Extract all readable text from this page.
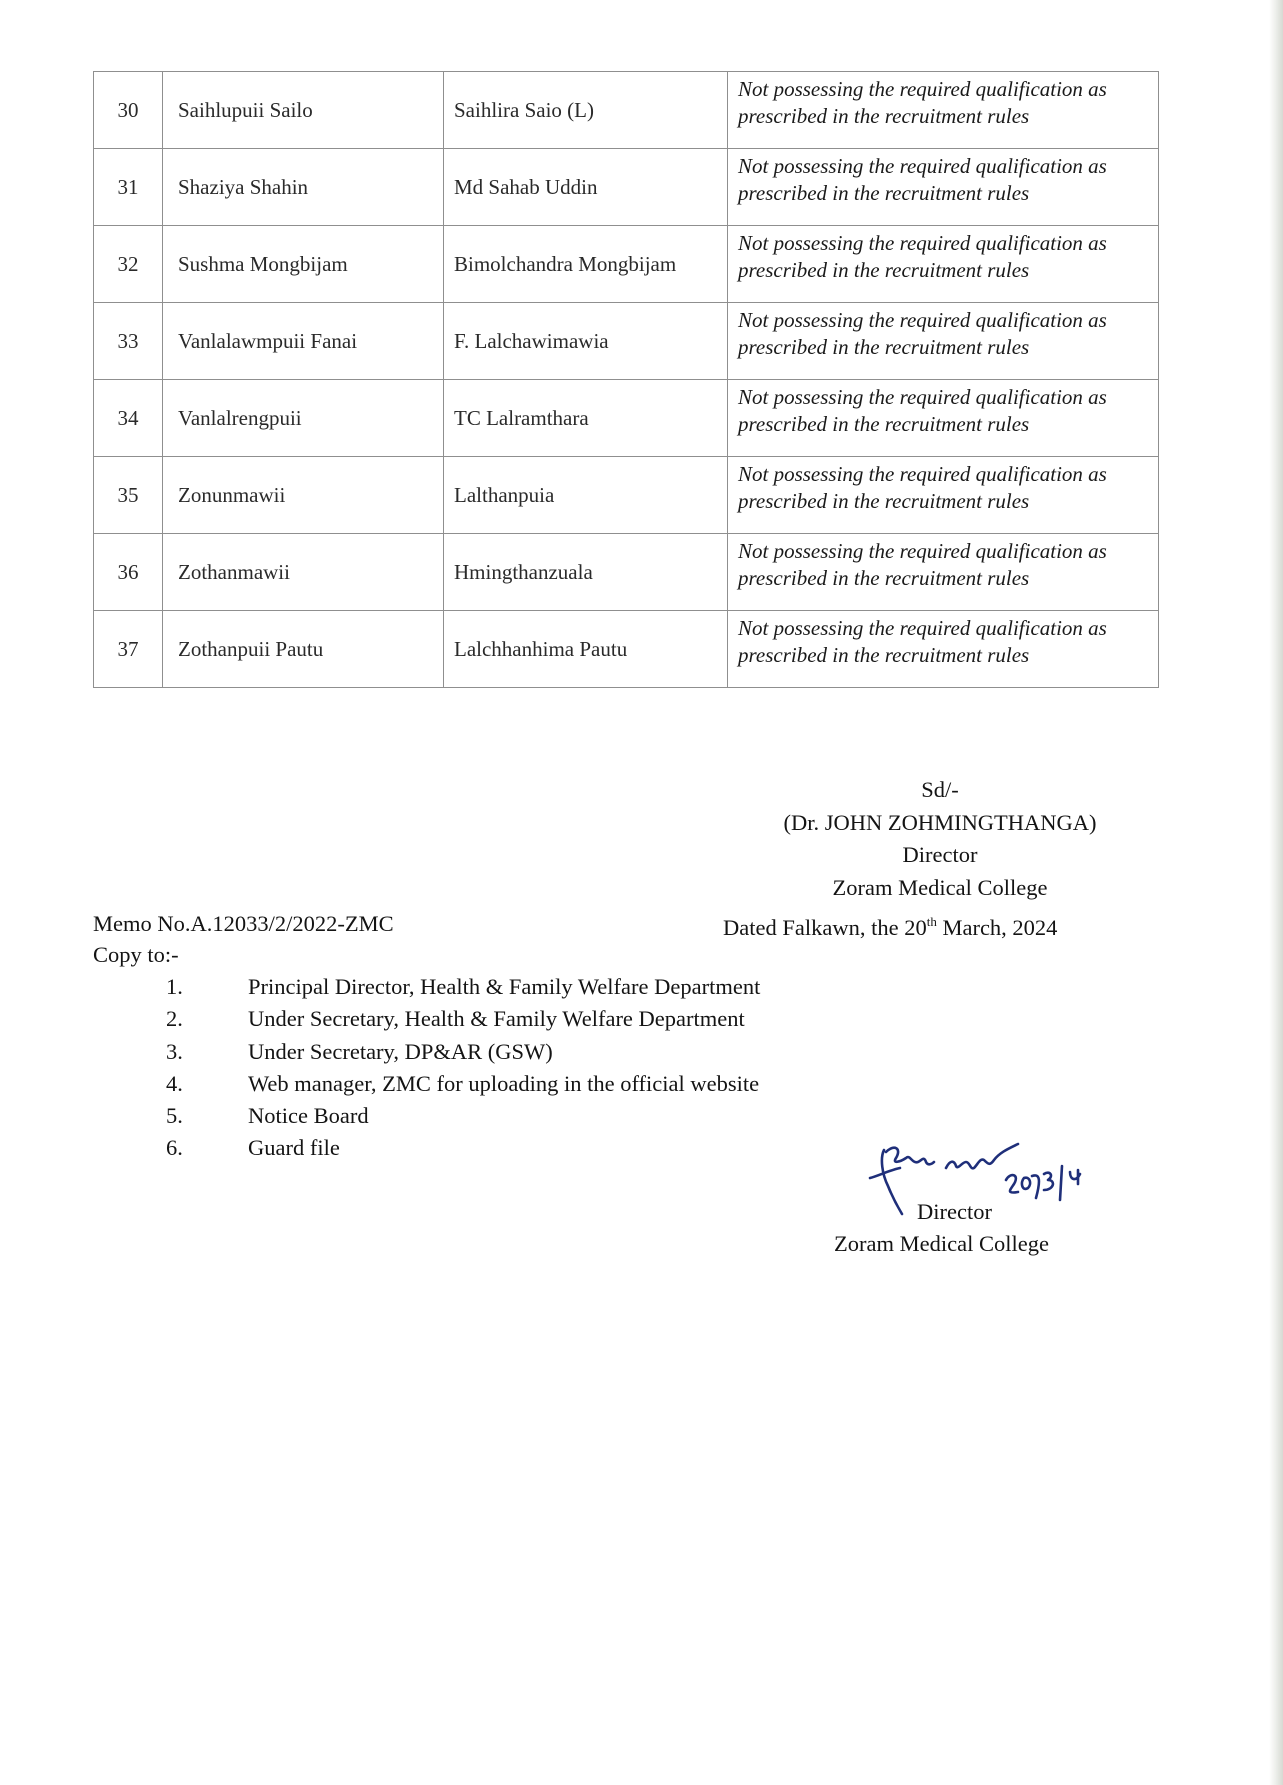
30	Saihlupuii Sailo	Saihlira Saio (L)	Not possessing the required qualification as
prescribed in the recruitment rules

31	Shaziya Shahin	Md Sahab Uddin	Not possessing the required qualification as
prescribed in the recruitment rules

32	Sushma Mongbijam	Bimolchandra Mongbijam	Not possessing the required qualification as
prescribed in the recruitment rules

33	Vanlalawmpuii Fanai	F. Lalchawimawia	Not possessing the required qualification as
prescribed in the recruitment rules

34	Vanlalrengpuii	TC Lalramthara	Not possessing the required qualification as
prescribed in the recruitment rules

35	Zonunmawii	Lalthanpuia	Not possessing the required qualification as
prescribed in the recruitment rules

36	Zothanmawii	Hmingthanzuala	Not possessing the required qualification as
prescribed in the recruitment rules

37	Zothanpuii Pautu	Lalchhanhima Pautu	Not possessing the required qualification as
prescribed in the recruitment rules
Sd/-
(Dr. JOHN ZOHMINGTHANGA)
Director
Zoram Medical College
Memo No.A.12033/2/2022-ZMC	Dated Falkawn, the 20th March, 2024
Copy to:-
1.	Principal Director, Health & Family Welfare Department
2.	Under Secretary, Health & Family Welfare Department
3.	Under Secretary, DP&AR (GSW)
4.	Web manager, ZMC for uploading in the official website
5.	Notice Board
6.	Guard file
Director
Zoram Medical College
